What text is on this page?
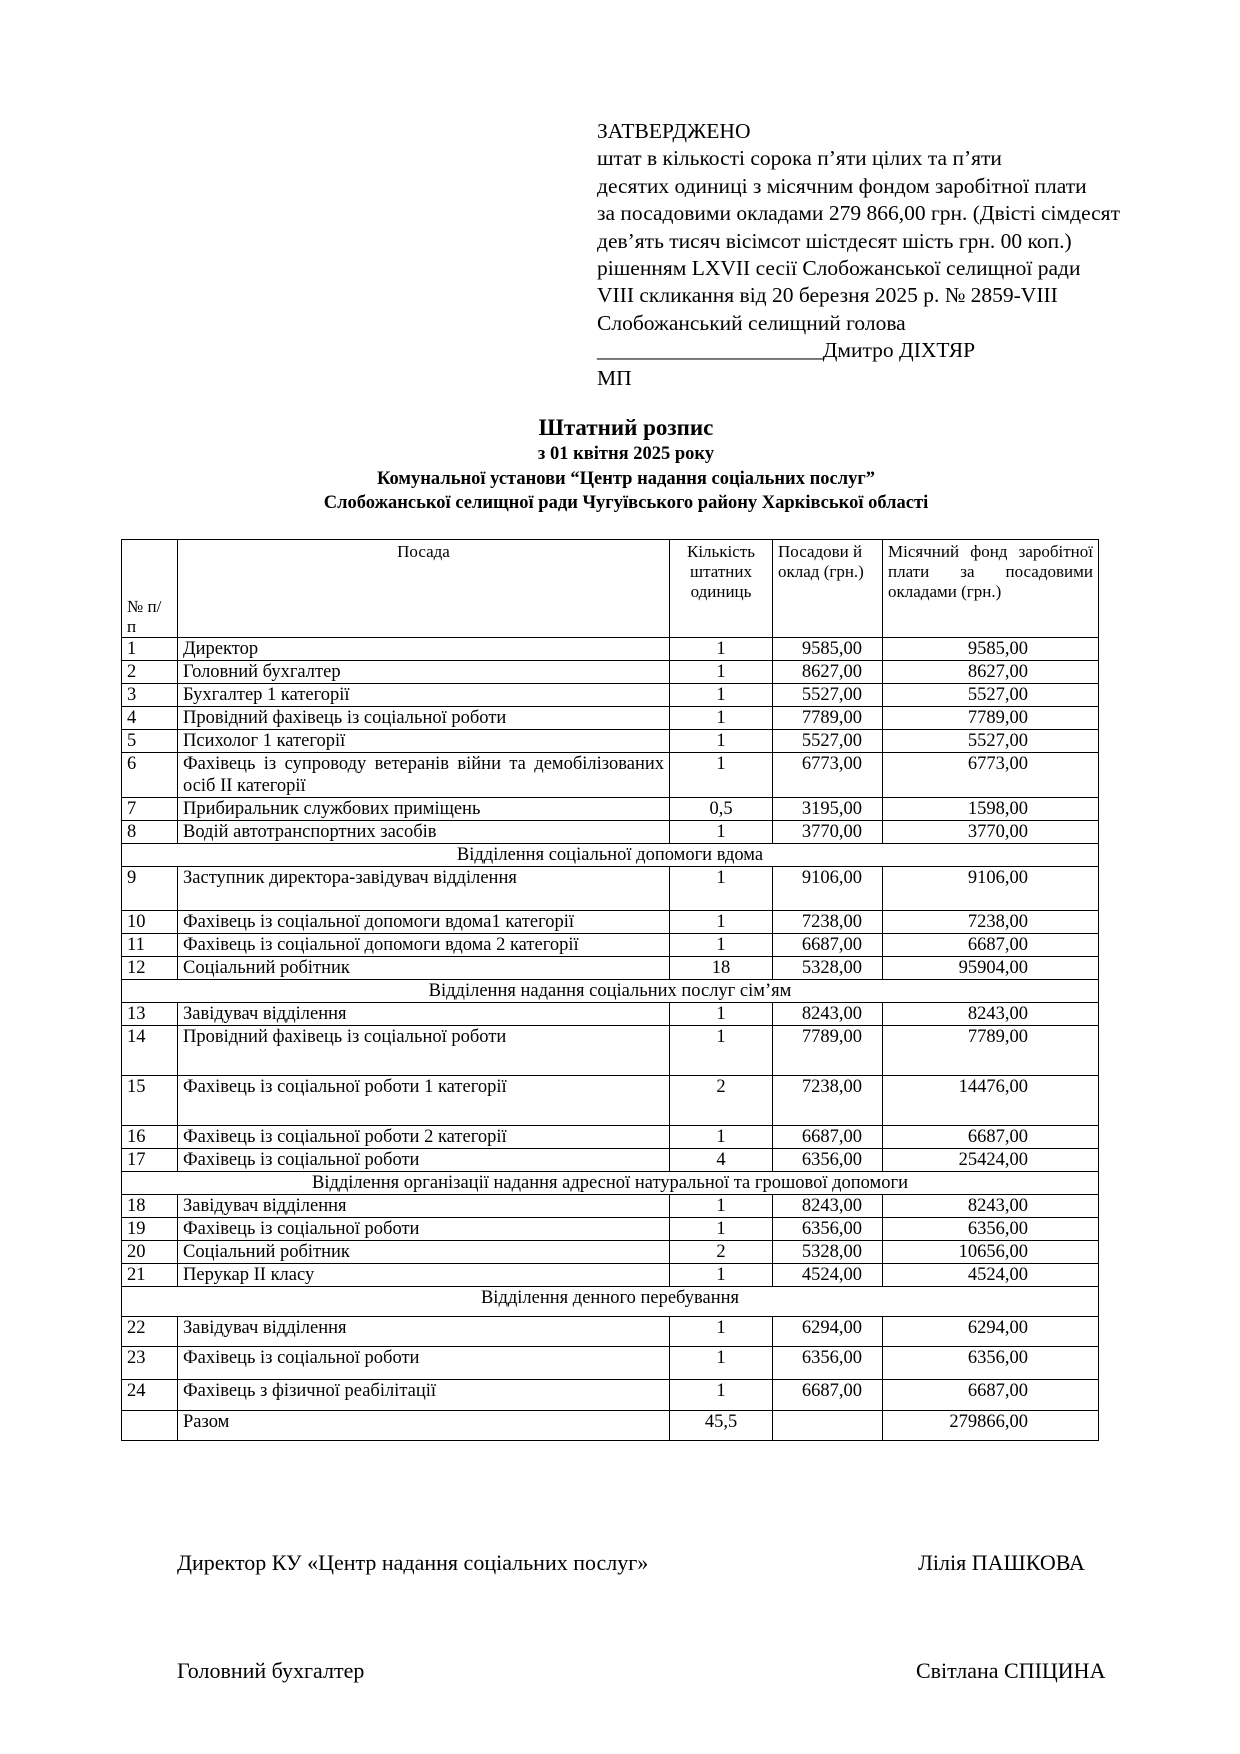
ЗАТВЕРДЖЕНО
штат в кількості сорока п’яти цілих та п’яти
десятих одиниці з місячним фондом заробітної плати
за посадовими окладами 279 866,00 грн. (Двісті сімдесят
дев’ять тисяч вісімсот шістдесят шість грн. 00 коп.)
рішенням LXVII сесії Слобожанської селищної ради
VIII скликання від 20 березня 2025 р. № 2859-VIII
Слобожанський селищний голова
_____________________Дмитро ДІХТЯР
МП
Штатний розпис
з 01 квітня 2025 року
Комунальної установи “Центр надання соціальних послуг”
Слобожанської селищної ради Чугуївського району Харківської області
№ п/ п	Посада	Кількість штатних одиниць	Посадови й оклад (грн.)	Місячний фонд заробітної плати за посадовими окладами (грн.)
1	Директор	1	9585,00	9585,00
2	Головний бухгалтер	1	8627,00	8627,00
3	Бухгалтер 1 категорії	1	5527,00	5527,00
4	Провідний фахівець із соціальної роботи	1	7789,00	7789,00
5	Психолог 1 категорії	1	5527,00	5527,00
6	Фахівець із супроводу ветеранів війни та демобілізованих осіб II категорії	1	6773,00	6773,00
7	Прибиральник службових приміщень	0,5	3195,00	1598,00
8	Водій автотранспортних засобів	1	3770,00	3770,00
Відділення соціальної допомоги вдома				
9	Заступник директора-завідувач відділення	1	9106,00	9106,00
10	Фахівець із соціальної допомоги вдома1 категорії	1	7238,00	7238,00
11	Фахівець із соціальної допомоги вдома 2 категорії	1	6687,00	6687,00
12	Соціальний робітник	18	5328,00	95904,00
Відділення надання соціальних послуг сім’ям				
13	Завідувач відділення	1	8243,00	8243,00
14	Провідний фахівець із соціальної роботи	1	7789,00	7789,00
15	Фахівець із соціальної роботи 1 категорії	2	7238,00	14476,00
16	Фахівець із соціальної роботи 2 категорії	1	6687,00	6687,00
17	Фахівець із соціальної роботи	4	6356,00	25424,00
Відділення організації надання адресної натуральної та грошової допомоги				
18	Завідувач відділення	1	8243,00	8243,00
19	Фахівець із соціальної роботи	1	6356,00	6356,00
20	Соціальний робітник	2	5328,00	10656,00
21	Перукар II класу	1	4524,00	4524,00
Відділення денного перебування				
22	Завідувач відділення	1	6294,00	6294,00
23	Фахівець із соціальної роботи	1	6356,00	6356,00
24	Фахівець з фізичної реабілітації	1	6687,00	6687,00
	Разом	45,5		279866,00
Директор КУ «Центр надання соціальних послуг»	Лілія ПАШКОВА
Головний бухгалтер	Світлана СПІЦИНА
